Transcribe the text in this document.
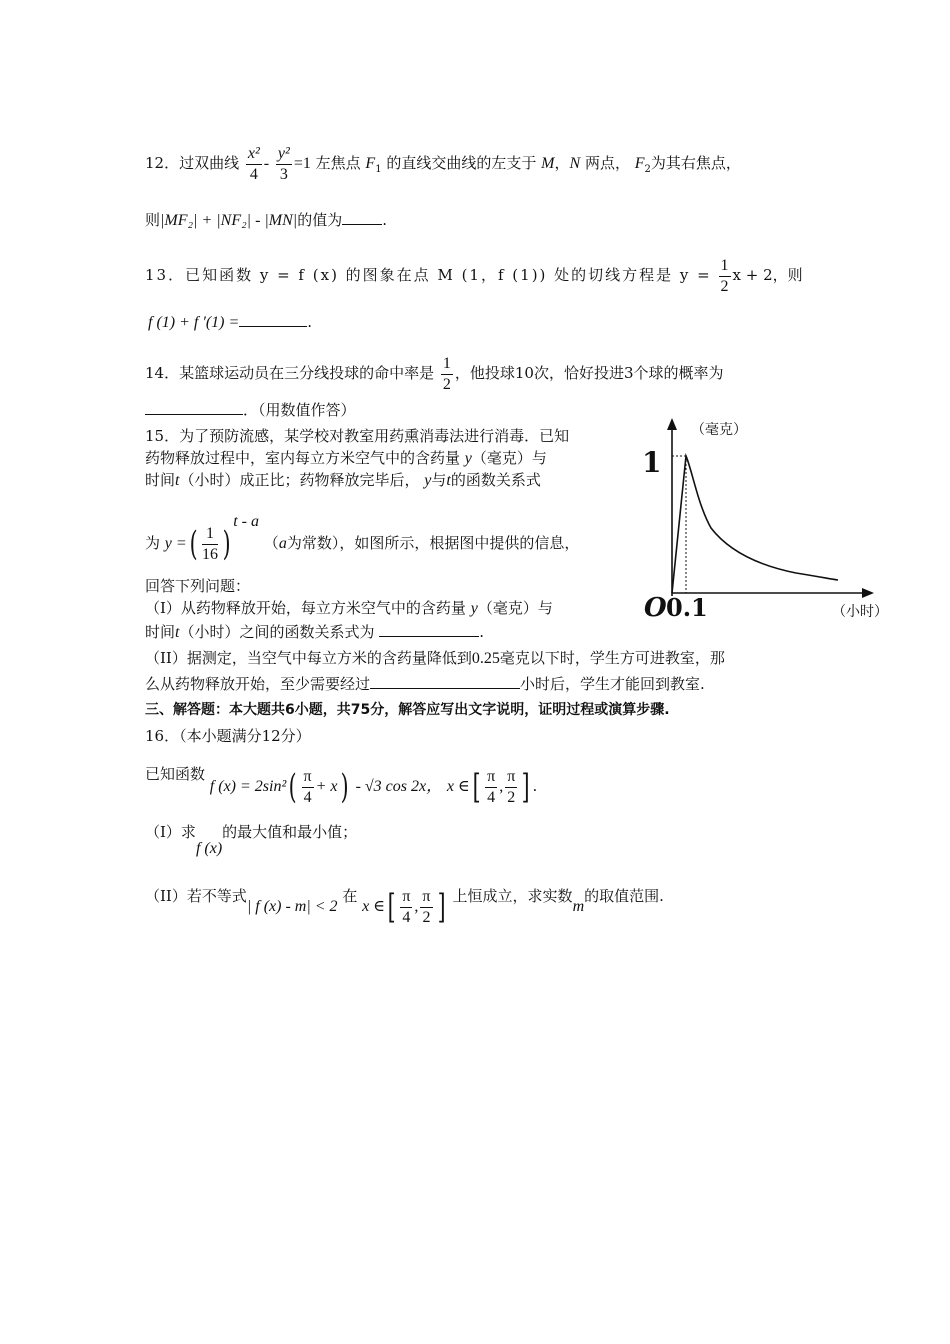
12．过双曲线 $\frac{\text{x²}}{4} - \frac{\text{y²}}{3} =1$ 左焦点 $F_1$ 的直线交曲线的左支于 M，N 两点， $F_2$为其右焦点，
则|MF₂| + |NF₂| - |MN|的值为	.
13．已知函数 y = f (x) 的图象在点 M (1，f (1)) 处的切线方程是 $y = \frac{1}{2}$ x + 2，则
f (1) + f ′(1) =	.
14．某篮球运动员在三分线投球的命中率是 $\frac{1}{2}$ ，他投球10次，恰好投进3个球的概率为
．（用数值作答）
15．为了预防流感，某学校对教室用药熏消毒法进行消毒．已知
药物释放过程中，室内每立方米空气中的含药量 y（毫克）与
时间t（小时）成正比；药物释放完毕后， y与t的函数关系式
为 y =( $\frac{1}{16} )^{t - a}$ （a为常数），如图所示，根据图中提供的信息，
回答下列问题：
（I）从药物释放开始，每立方米空气中的含药量 y（毫克）与
时间t（小时）之间的函数关系式为	.
（II）据测定，当空气中每立方米的含药量降低到0.25毫克以下时，学生方可进教室，那
么从药物释放开始，至少需要经过	小时后，学生才能回到教室.
（毫克）
1
O 0.1	（小时）
三、解答题：本大题共6小题，共75分，解答应写出文字说明，证明过程或演算步骤.
16．（本小题满分12分）
已知函数 f $(x) = 2\sin^2( \frac{\pi}{4} + x) - √3$ cos 2x， x ∈[ $\frac{\pi}{4}$ , $\frac{\pi}{2}$ ] .
（I）求f (x)的最大值和最小值；
（II）若不等式| f (x) - m| < 2 在 x ∈[ $\frac{\pi}{4}$ , $\frac{\pi}{2}$ ] 上恒成立，求实数m的取值范围.
